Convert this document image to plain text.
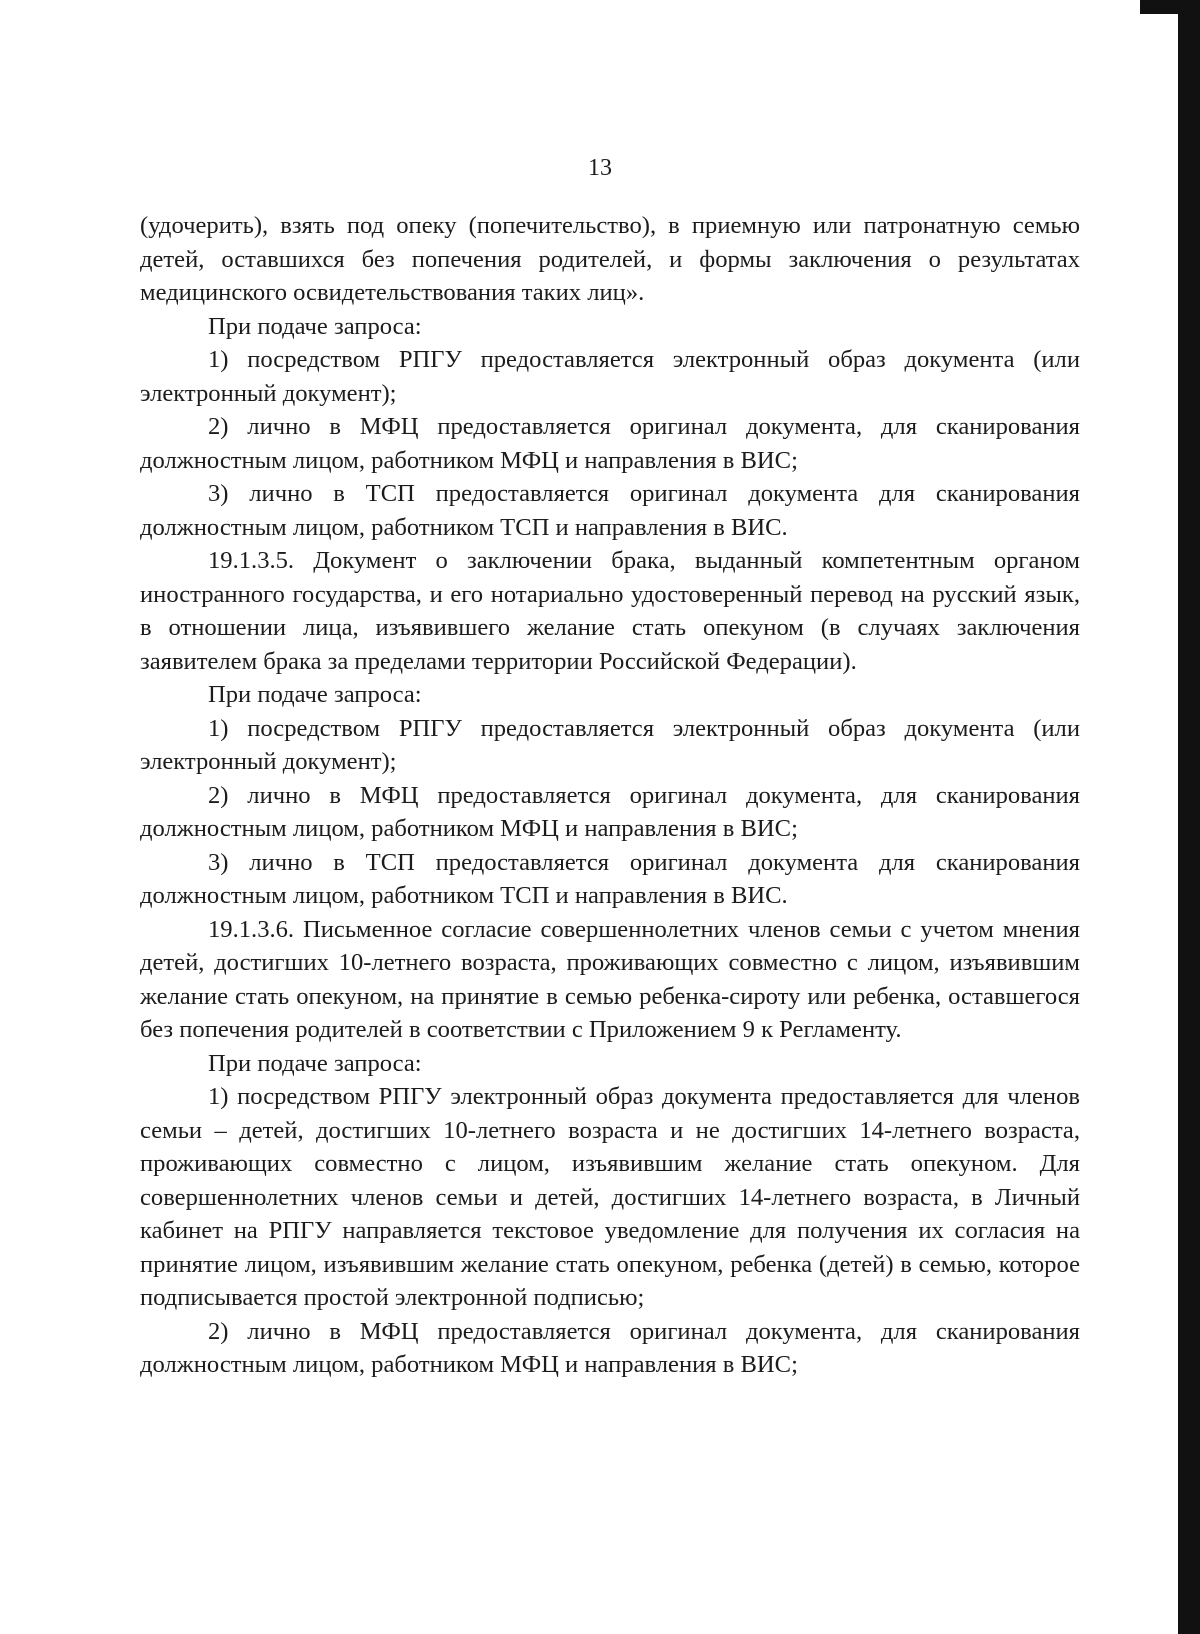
13

(удочерить), взять под опеку (попечительство), в приемную или патронатную семью детей, оставшихся без попечения родителей, и формы заключения о результатах медицинского освидетельствования таких лиц».

При подаче запроса:

1) посредством РПГУ предоставляется электронный образ документа (или электронный документ);

2) лично в МФЦ предоставляется оригинал документа, для сканирования должностным лицом, работником МФЦ и направления в ВИС;

3) лично в ТСП предоставляется оригинал документа для сканирования должностным лицом, работником ТСП и направления в ВИС.

19.1.3.5. Документ о заключении брака, выданный компетентным органом иностранного государства, и его нотариально удостоверенный перевод на русский язык, в отношении лица, изъявившего желание стать опекуном (в случаях заключения заявителем брака за пределами территории Российской Федерации).

При подаче запроса:

1) посредством РПГУ предоставляется электронный образ документа (или электронный документ);

2) лично в МФЦ предоставляется оригинал документа, для сканирования должностным лицом, работником МФЦ и направления в ВИС;

3) лично в ТСП предоставляется оригинал документа для сканирования должностным лицом, работником ТСП и направления в ВИС.

19.1.3.6. Письменное согласие совершеннолетних членов семьи с учетом мнения детей, достигших 10-летнего возраста, проживающих совместно с лицом, изъявившим желание стать опекуном, на принятие в семью ребенка-сироту или ребенка, оставшегося без попечения родителей в соответствии с Приложением 9 к Регламенту.

При подаче запроса:

1) посредством РПГУ электронный образ документа предоставляется для членов семьи – детей, достигших 10-летнего возраста и не достигших 14-летнего возраста, проживающих совместно с лицом, изъявившим желание стать опекуном. Для совершеннолетних членов семьи и детей, достигших 14-летнего возраста, в Личный кабинет на РПГУ направляется текстовое уведомление для получения их согласия на принятие лицом, изъявившим желание стать опекуном, ребенка (детей) в семью, которое подписывается простой электронной подписью;

2) лично в МФЦ предоставляется оригинал документа, для сканирования должностным лицом, работником МФЦ и направления в ВИС;
